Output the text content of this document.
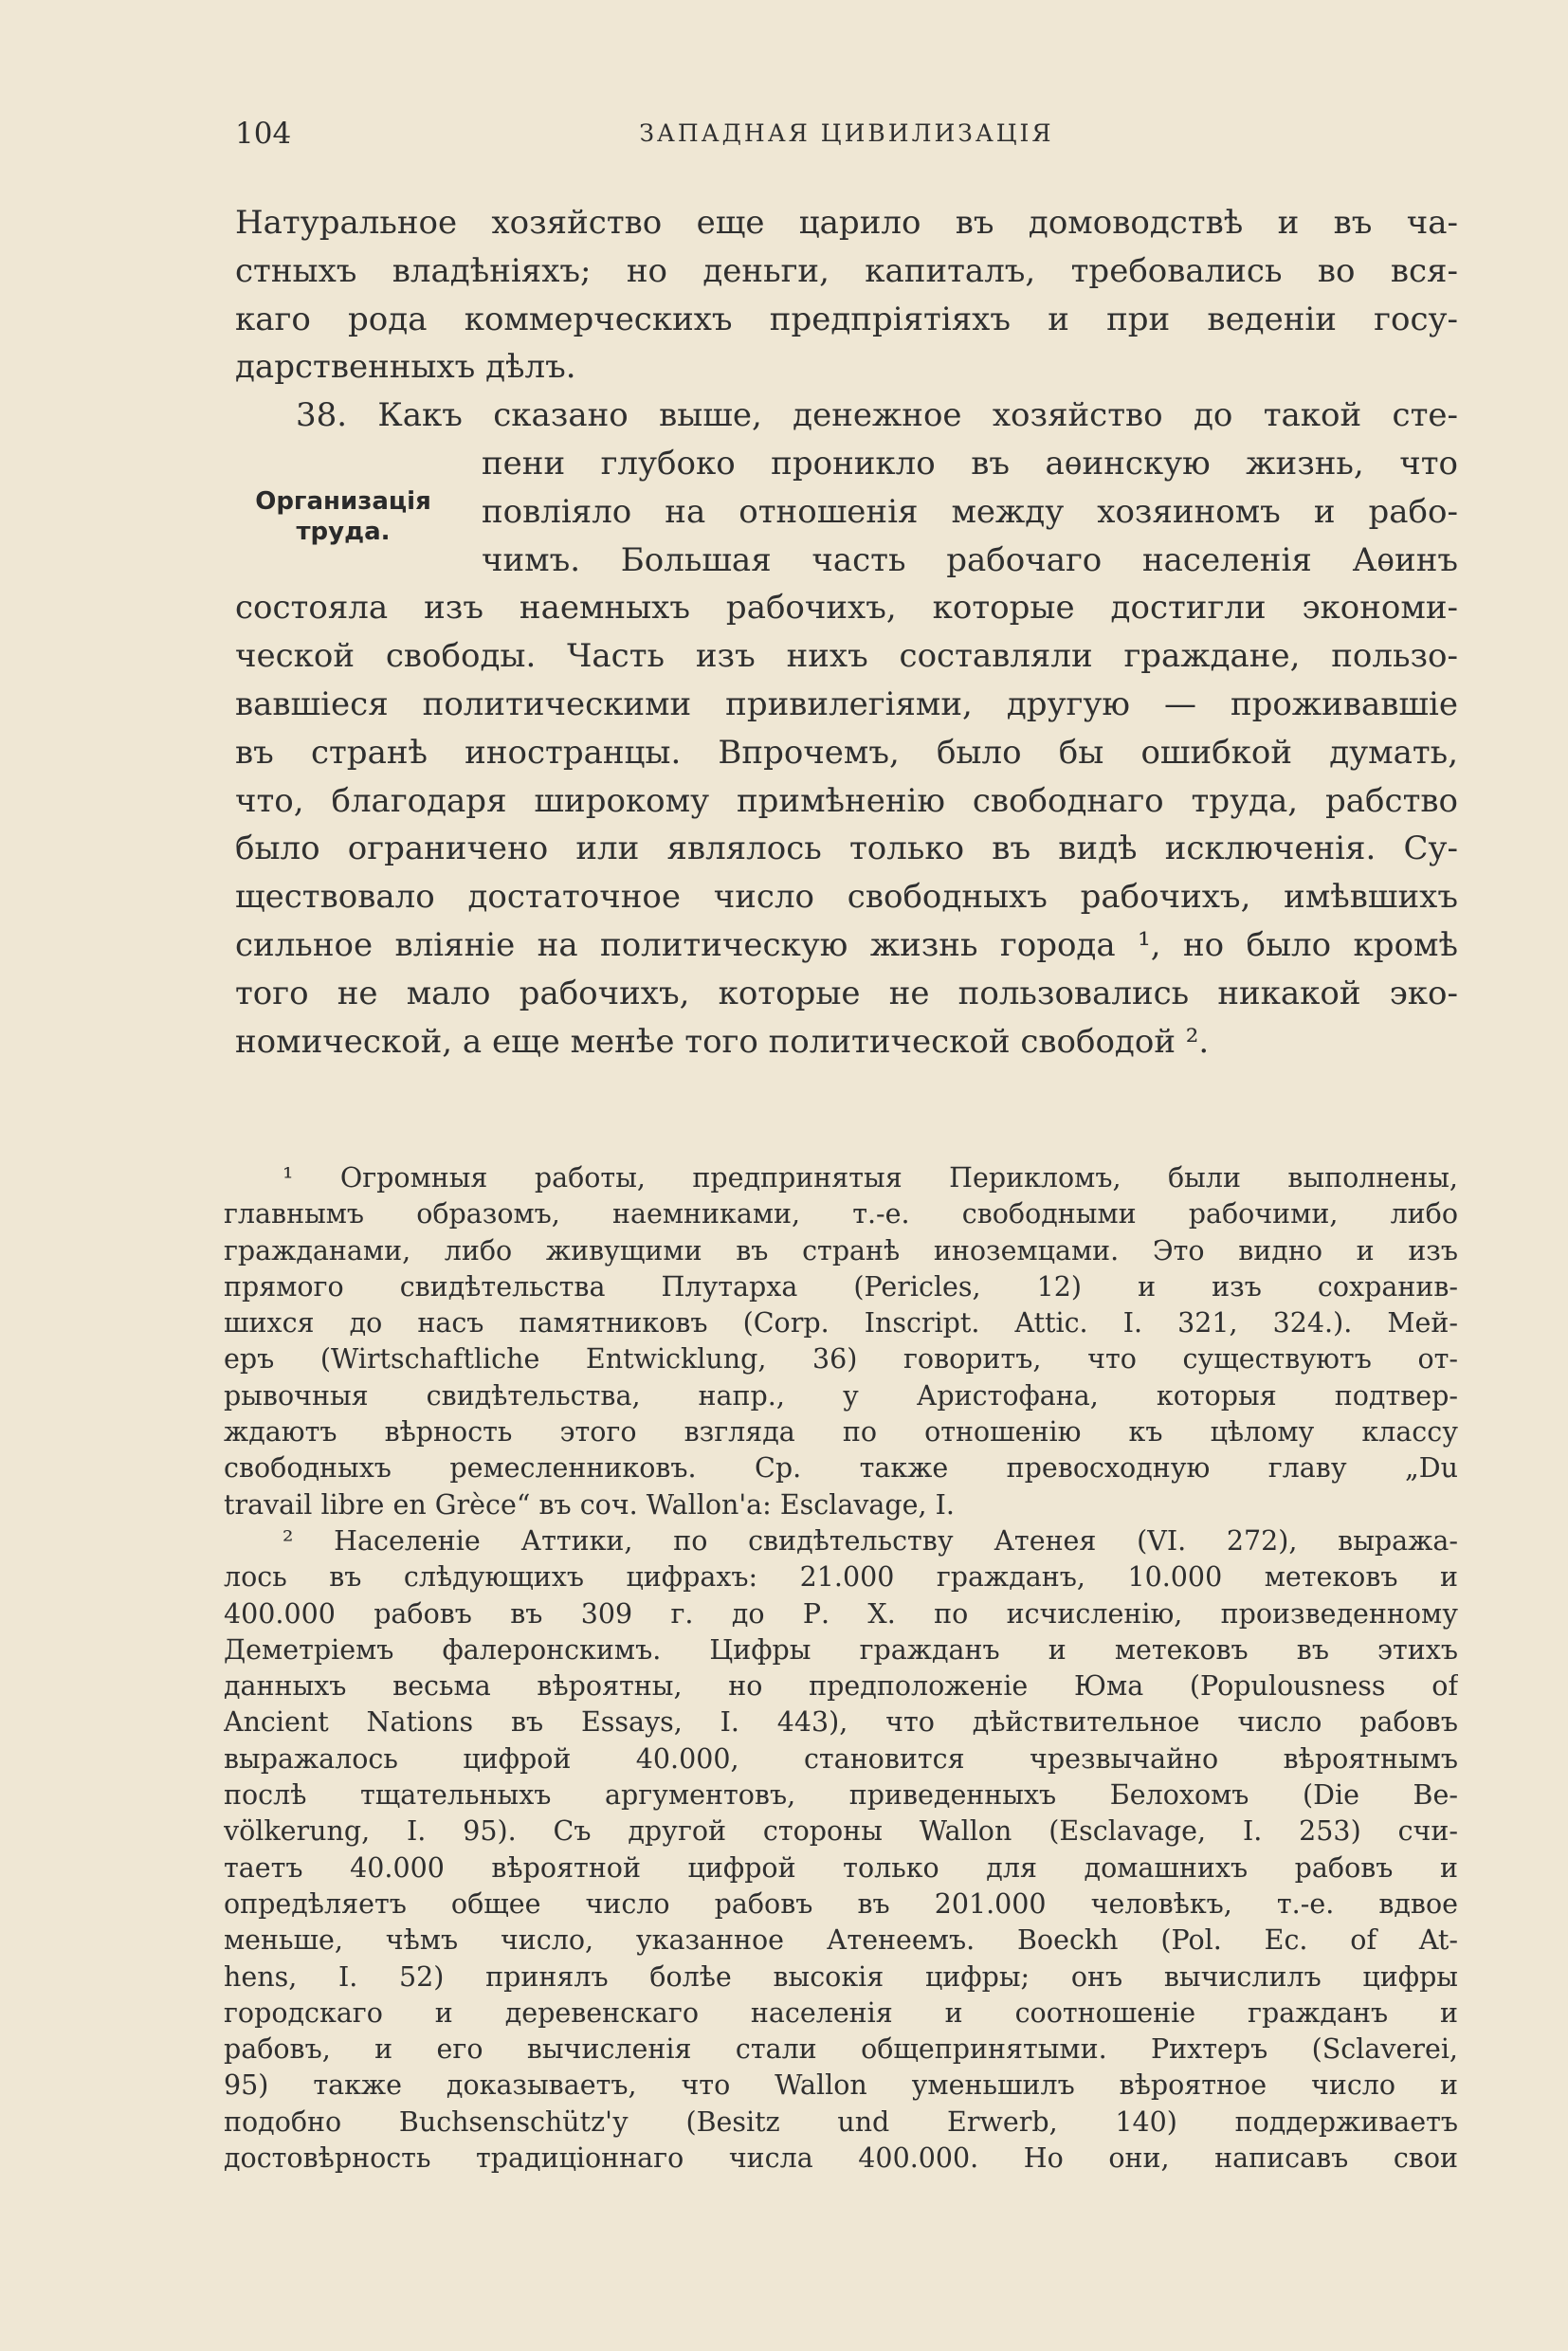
104	ЗАПАДНАЯ ЦИВИЛИЗАЦІЯ
Организація
труда.

Натуральное хозяйство еще царило въ домоводствѣ и въ ча-

стныхъ владѣніяхъ; но деньги, капиталъ, требовались во вся-

каго рода коммерческихъ предпріятіяхъ и при веденіи госу-

дарственныхъ дѣлъ.

38. Какъ сказано выше, денежное хозяйство до такой сте-

пени глубоко проникло въ аѳинскую жизнь, что

повліяло на отношенія между хозяиномъ и рабо-

чимъ. Большая часть рабочаго населенія Аѳинъ

состояла изъ наемныхъ рабочихъ, которые достигли экономи-

ческой свободы. Часть изъ нихъ составляли граждане, пользо-

вавшіеся политическими привилегіями, другую — проживавшіе

въ странѣ иностранцы. Впрочемъ, было бы ошибкой думать,

что, благодаря широкому примѣненію свободнаго труда, рабство

было ограничено или являлось только въ видѣ исключенія. Су-

ществовало достаточное число свободныхъ рабочихъ, имѣвшихъ

сильное вліяніе на политическую жизнь города ¹, но было кромѣ

того не мало рабочихъ, которые не пользовались никакой эко-

номической, а еще менѣе того политической свободой ².

¹ Огромныя работы, предпринятыя Перикломъ, были выполнены,

главнымъ образомъ, наемниками, т.-е. свободными рабочими, либо

гражданами, либо живущими въ странѣ иноземцами. Это видно и изъ

прямого свидѣтельства Плутарха (Pericles, 12) и изъ сохранив-

шихся до насъ памятниковъ (Corp. Inscript. Attic. I. 321, 324.). Мей-

еръ (Wirtschaftliche Entwicklung, 36) говоритъ, что существуютъ от-

рывочныя свидѣтельства, напр., у Аристофана, которыя подтвер-

ждаютъ вѣрность этого взгляда по отношенію къ цѣлому классу

свободныхъ ремесленниковъ. Ср. также превосходную главу „Du

travail libre en Grèce“ въ соч. Wallon'a: Esclavage, I.

² Населеніе Аттики, по свидѣтельству Атенея (VI. 272), выража-

лось въ слѣдующихъ цифрахъ: 21.000 гражданъ, 10.000 метековъ и

400.000 рабовъ въ 309 г. до Р. X. по исчисленію, произведенному

Деметріемъ фалеронскимъ. Цифры гражданъ и метековъ въ этихъ

данныхъ весьма вѣроятны, но предположеніе Юма (Populousness of

Ancient Nations въ Essays, I. 443), что дѣйствительное число рабовъ

выражалось цифрой 40.000, становится чрезвычайно вѣроятнымъ

послѣ тщательныхъ аргументовъ, приведенныхъ Белохомъ (Die Be-

völkerung, I. 95). Съ другой стороны Wallon (Esclavage, I. 253) счи-

таетъ 40.000 вѣроятной цифрой только для домашнихъ рабовъ и

опредѣляетъ общее число рабовъ въ 201.000 человѣкъ, т.-е. вдвое

меньше, чѣмъ число, указанное Атенеемъ. Boeckh (Pol. Ec. of At-

hens, I. 52) принялъ болѣе высокія цифры; онъ вычислилъ цифры

городскаго и деревенскаго населенія и соотношеніе гражданъ и

рабовъ, и его вычисленія стали общепринятыми. Рихтеръ (Sclaverei,

95) также доказываетъ, что Wallon уменьшилъ вѣроятное число и

подобно Buchsenschütz'у (Besitz und Erwerb, 140) поддерживаетъ

достовѣрность традиціоннаго числа 400.000. Но они, написавъ свои
